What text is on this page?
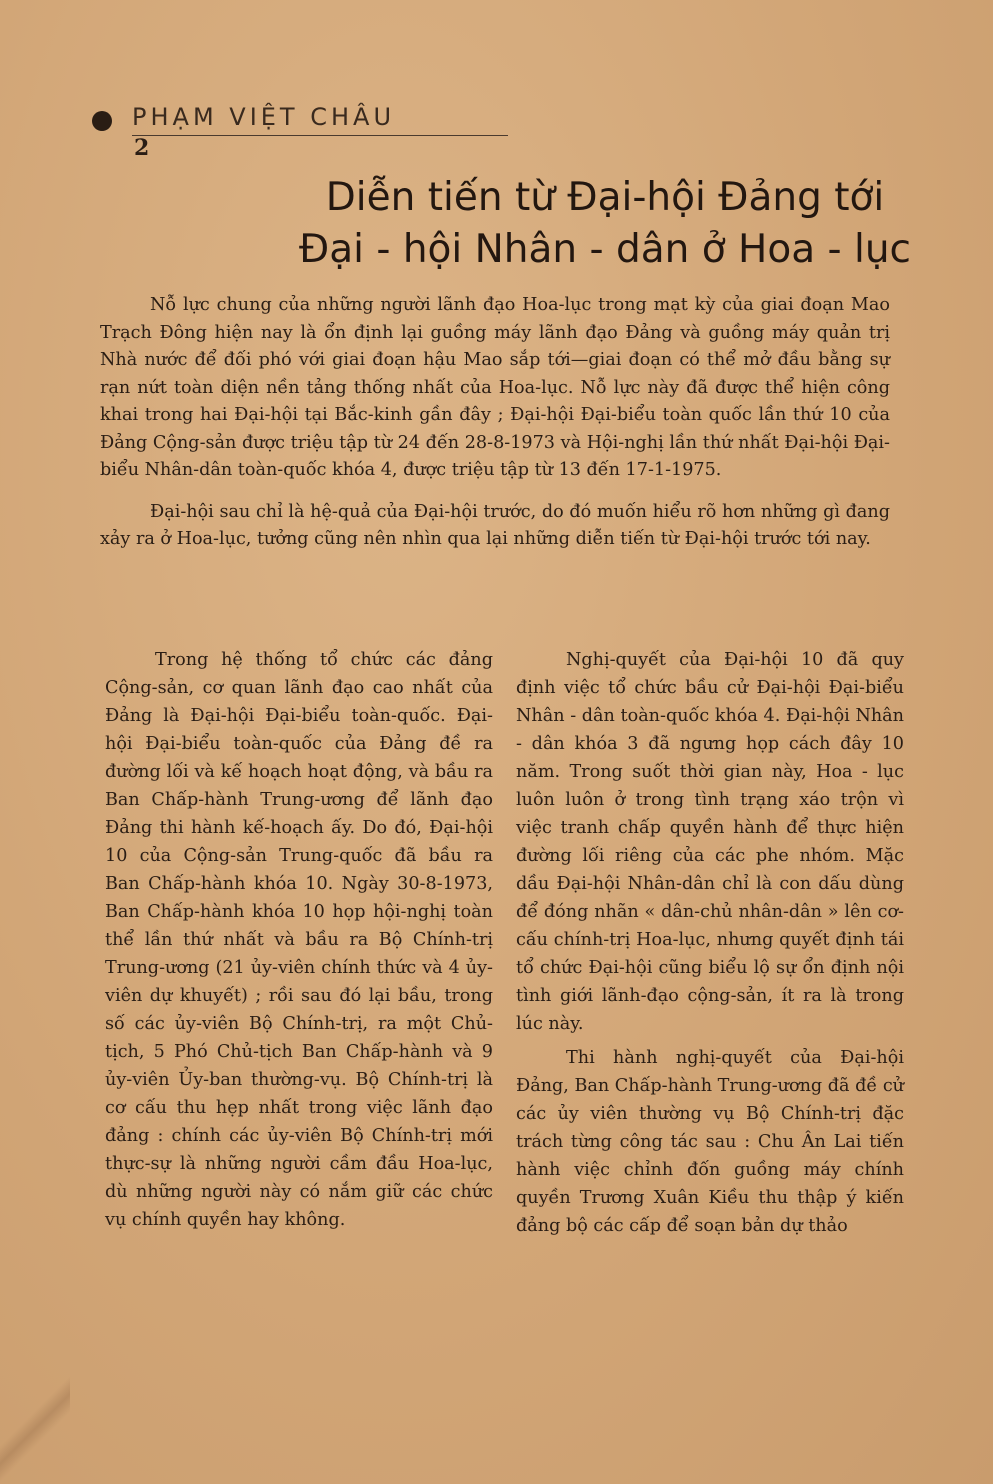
PHẠM VIỆT CHÂU
2
Diễn tiến từ Đại-hội Đảng tới
Đại - hội Nhân - dân ở Hoa - lục

Nỗ lực chung của những người lãnh đạo Hoa-lục trong mạt kỳ của giai đoạn Mao Trạch Đông hiện nay là ổn định lại guồng máy lãnh đạo Đảng và guồng máy quản trị Nhà nước để đối phó với giai đoạn hậu Mao sắp tới—giai đoạn có thể mở đầu bằng sự rạn nứt toàn diện nền tảng thống nhất của Hoa-lục. Nỗ lực này đã được thể hiện công khai trong hai Đại-hội tại Bắc-kinh gần đây ; Đại-hội Đại-biểu toàn quốc lần thứ 10 của Đảng Cộng-sản được triệu tập từ 24 đến 28-8-1973 và Hội-nghị lần thứ nhất Đại-hội Đại-biểu Nhân-dân toàn-quốc khóa 4, được triệu tập từ 13 đến 17-1-1975.

Đại-hội sau chỉ là hệ-quả của Đại-hội trước, do đó muốn hiểu rõ hơn những gì đang xảy ra ở Hoa-lục, tưởng cũng nên nhìn qua lại những diễn tiến từ Đại-hội trước tới nay.

Trong hệ thống tổ chức các đảng Cộng-sản, cơ quan lãnh đạo cao nhất của Đảng là Đại-hội Đại-biểu toàn-quốc. Đại-hội Đại-biểu toàn-quốc của Đảng đề ra đường lối và kế hoạch hoạt động, và bầu ra Ban Chấp-hành Trung-ương để lãnh đạo Đảng thi hành kế-hoạch ấy. Do đó, Đại-hội 10 của Cộng-sản Trung-quốc đã bầu ra Ban Chấp-hành khóa 10. Ngày 30-8-1973, Ban Chấp-hành khóa 10 họp hội-nghị toàn thể lần thứ nhất và bầu ra Bộ Chính-trị Trung-ương (21 ủy-viên chính thức và 4 ủy-viên dự khuyết) ; rồi sau đó lại bầu, trong số các ủy-viên Bộ Chính-trị, ra một Chủ-tịch, 5 Phó Chủ-tịch Ban Chấp-hành và 9 ủy-viên Ủy-ban thường-vụ. Bộ Chính-trị là cơ cấu thu hẹp nhất trong việc lãnh đạo đảng : chính các ủy-viên Bộ Chính-trị mới thực-sự là những người cầm đầu Hoa-lục, dù những người này có nắm giữ các chức vụ chính quyền hay không.

Nghị-quyết của Đại-hội 10 đã quy định việc tổ chức bầu cử Đại-hội Đại-biểu Nhân - dân toàn-quốc khóa 4. Đại-hội Nhân - dân khóa 3 đã ngưng họp cách đây 10 năm. Trong suốt thời gian này, Hoa - lục luôn luôn ở trong tình trạng xáo trộn vì việc tranh chấp quyền hành để thực hiện đường lối riêng của các phe nhóm. Mặc dầu Đại-hội Nhân-dân chỉ là con dấu dùng để đóng nhãn « dân-chủ nhân-dân » lên cơ-cấu chính-trị Hoa-lục, nhưng quyết định tái tổ chức Đại-hội cũng biểu lộ sự ổn định nội tình giới lãnh-đạo cộng-sản, ít ra là trong lúc này.

Thi hành nghị-quyết của Đại-hội Đảng, Ban Chấp-hành Trung-ương đã đề cử các ủy viên thường vụ Bộ Chính-trị đặc trách từng công tác sau : Chu Ân Lai tiến hành việc chỉnh đốn guồng máy chính quyền Trương Xuân Kiều thu thập ý kiến đảng bộ các cấp để soạn bản dự thảo
